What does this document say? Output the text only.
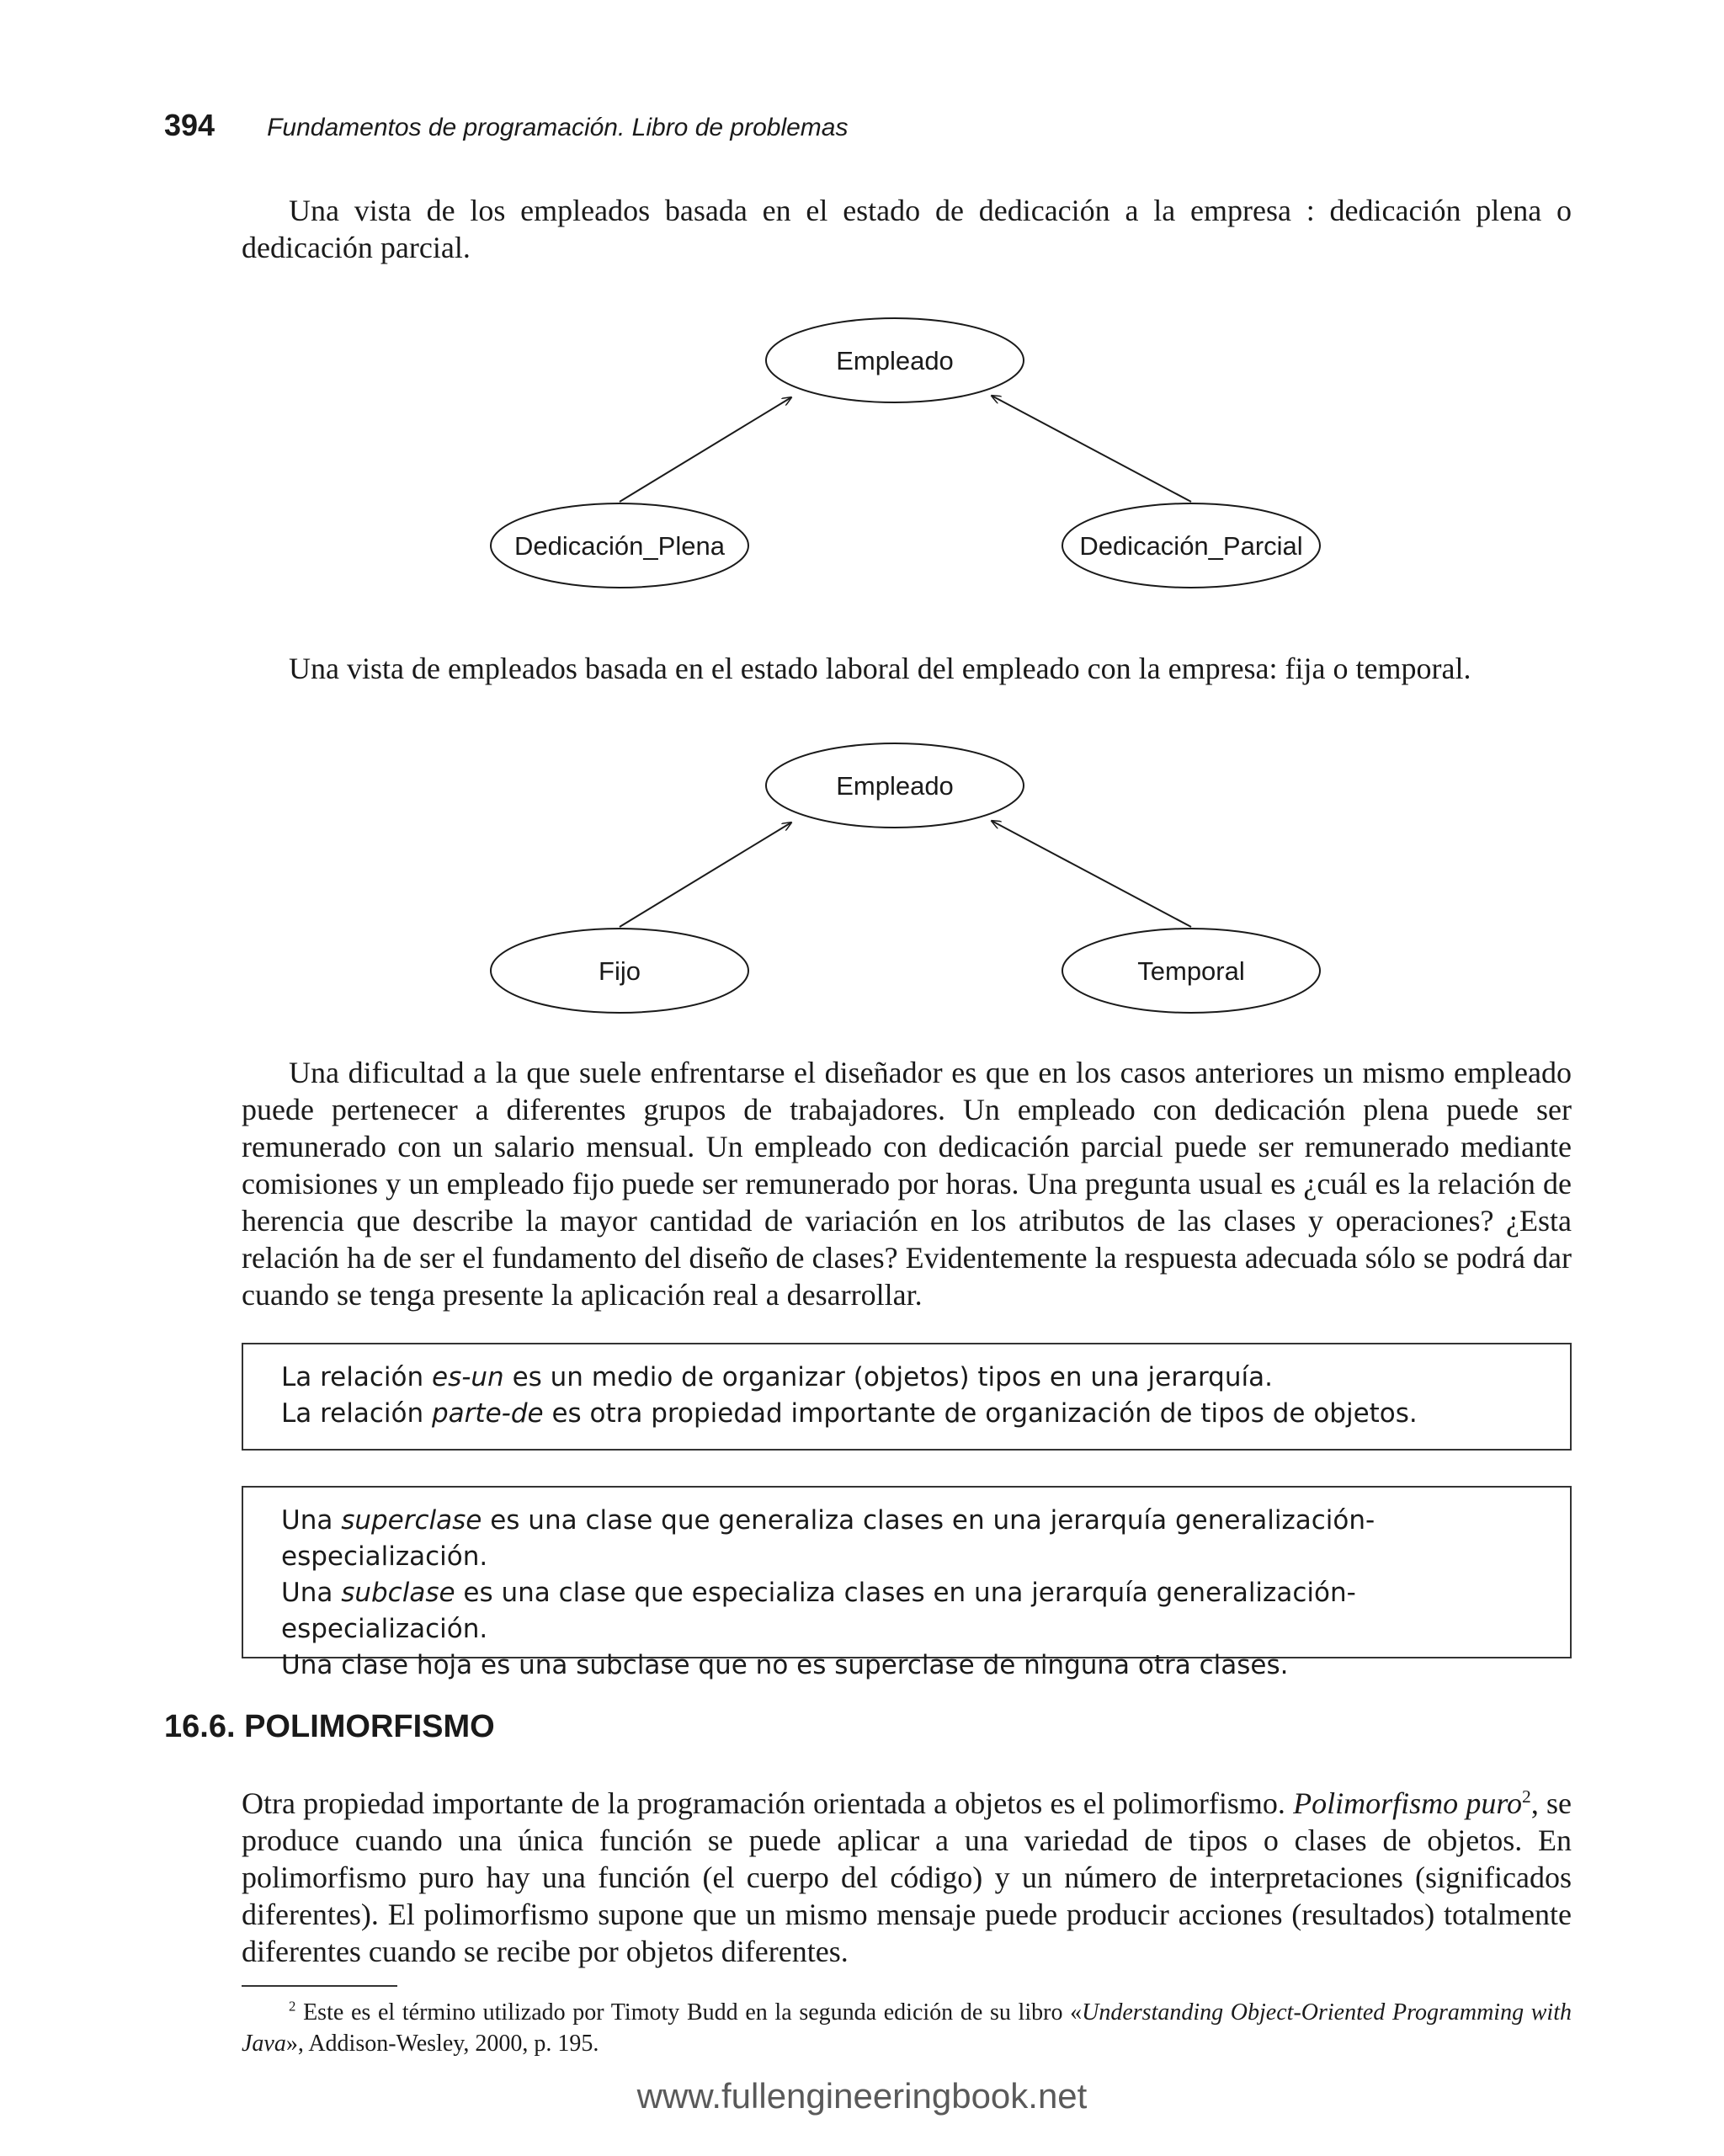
394 Fundamentos de programación. Libro de problemas

Una vista de los empleados basada en el estado de dedicación a la empresa : dedicación plena o dedicación parcial.

Empleado
Dedicación_Plena	Dedicación_Parcial

Una vista de empleados basada en el estado laboral del empleado con la empresa: fija o temporal.

Empleado
Fijo	Temporal

Una dificultad a la que suele enfrentarse el diseñador es que en los casos anteriores un mismo empleado puede pertenecer a diferentes grupos de trabajadores. Un empleado con dedicación plena puede ser remunerado con un salario mensual. Un empleado con dedicación parcial puede ser remunerado mediante comisiones y un empleado fijo puede ser remunerado por horas. Una pregunta usual es ¿cuál es la relación de herencia que describe la mayor cantidad de variación en los atributos de las clases y operaciones? ¿Esta relación ha de ser el fundamento del diseño de clases? Evidentemente la respuesta adecuada sólo se podrá dar cuando se tenga presente la aplicación real a desarrollar.

La relación es-un es un medio de organizar (objetos) tipos en una jerarquía.

La relación parte-de es otra propiedad importante de organización de tipos de objetos.

Una superclase es una clase que generaliza clases en una jerarquía generalización-especialización.

Una subclase es una clase que especializa clases en una jerarquía generalización-especialización.

Una clase hoja es una subclase que no es superclase de ninguna otra clases.

16.6. POLIMORFISMO

Otra propiedad importante de la programación orientada a objetos es el polimorfismo. Polimorfismo puro$^2$, se produce cuando una única función se puede aplicar a una variedad de tipos o clases de objetos. En polimorfismo puro hay una función (el cuerpo del código) y un número de interpretaciones (significados diferentes). El polimorfismo supone que un mismo mensaje puede producir acciones (resultados) totalmente diferentes cuando se recibe por objetos diferentes.

$^2$ Este es el término utilizado por Timoty Budd en la segunda edición de su libro «Understanding Object-Oriented Programming with Java», Addison-Wesley, 2000, p. 195.

www.fullengineeringbook.net
